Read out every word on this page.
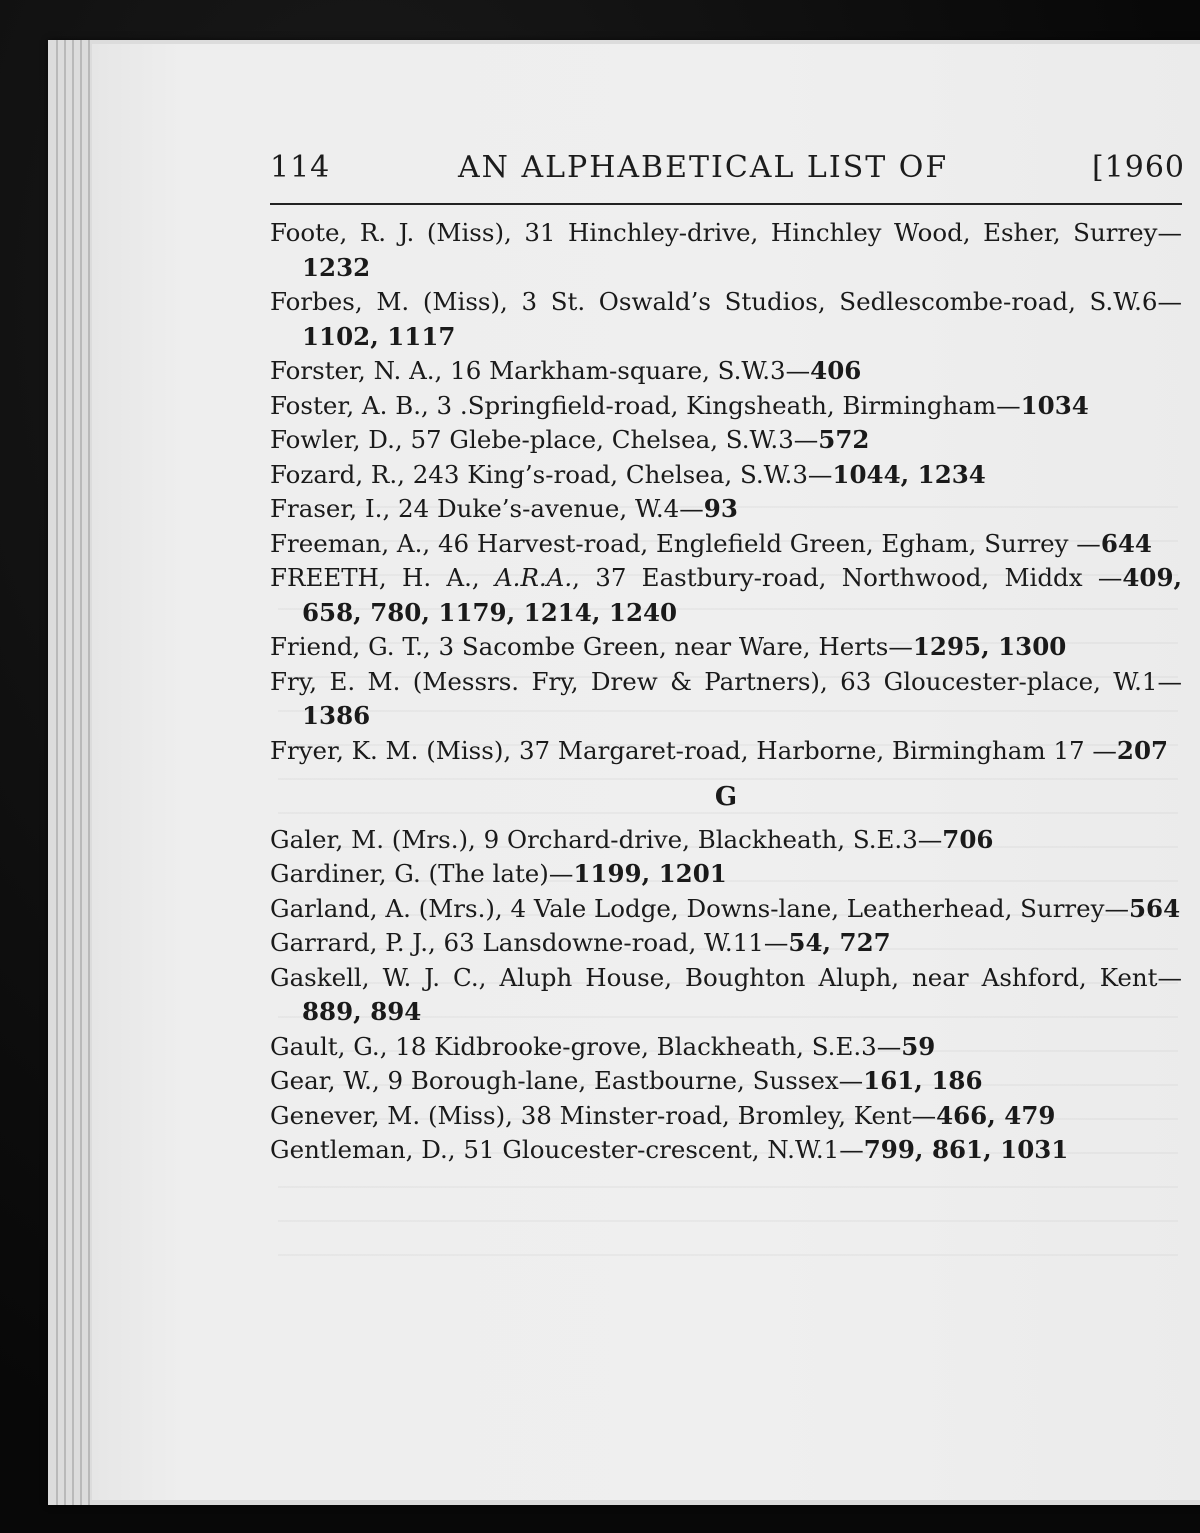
114	AN ALPHABETICAL LIST OF	[1960
Foote, R. J. (Miss), 31 Hinchley-drive, Hinchley Wood, Esher, Surrey—1232
Forbes, M. (Miss), 3 St. Oswald’s Studios, Sedlescombe-road, S.W.6—1102, 1117
Forster, N. A., 16 Markham-square, S.W.3—406
Foster, A. B., 3 .Springfield-road, Kingsheath, Birmingham—1034
Fowler, D., 57 Glebe-place, Chelsea, S.W.3—572
Fozard, R., 243 King’s-road, Chelsea, S.W.3—1044, 1234
Fraser, I., 24 Duke’s-avenue, W.4—93
Freeman, A., 46 Harvest-road, Englefield Green, Egham, Surrey —644
FREETH, H. A., A.R.A., 37 Eastbury-road, Northwood, Middx —409, 658, 780, 1179, 1214, 1240
Friend, G. T., 3 Sacombe Green, near Ware, Herts—1295, 1300
Fry, E. M. (Messrs. Fry, Drew & Partners), 63 Gloucester-place, W.1—1386
Fryer, K. M. (Miss), 37 Margaret-road, Harborne, Birmingham 17 —207
G
Galer, M. (Mrs.), 9 Orchard-drive, Blackheath, S.E.3—706
Gardiner, G. (The late)—1199, 1201
Garland, A. (Mrs.), 4 Vale Lodge, Downs-lane, Leatherhead, Surrey—564
Garrard, P. J., 63 Lansdowne-road, W.11—54, 727
Gaskell, W. J. C., Aluph House, Boughton Aluph, near Ashford, Kent—889, 894
Gault, G., 18 Kidbrooke-grove, Blackheath, S.E.3—59
Gear, W., 9 Borough-lane, Eastbourne, Sussex—161, 186
Genever, M. (Miss), 38 Minster-road, Bromley, Kent—466, 479
Gentleman, D., 51 Gloucester-crescent, N.W.1—799, 861, 1031
